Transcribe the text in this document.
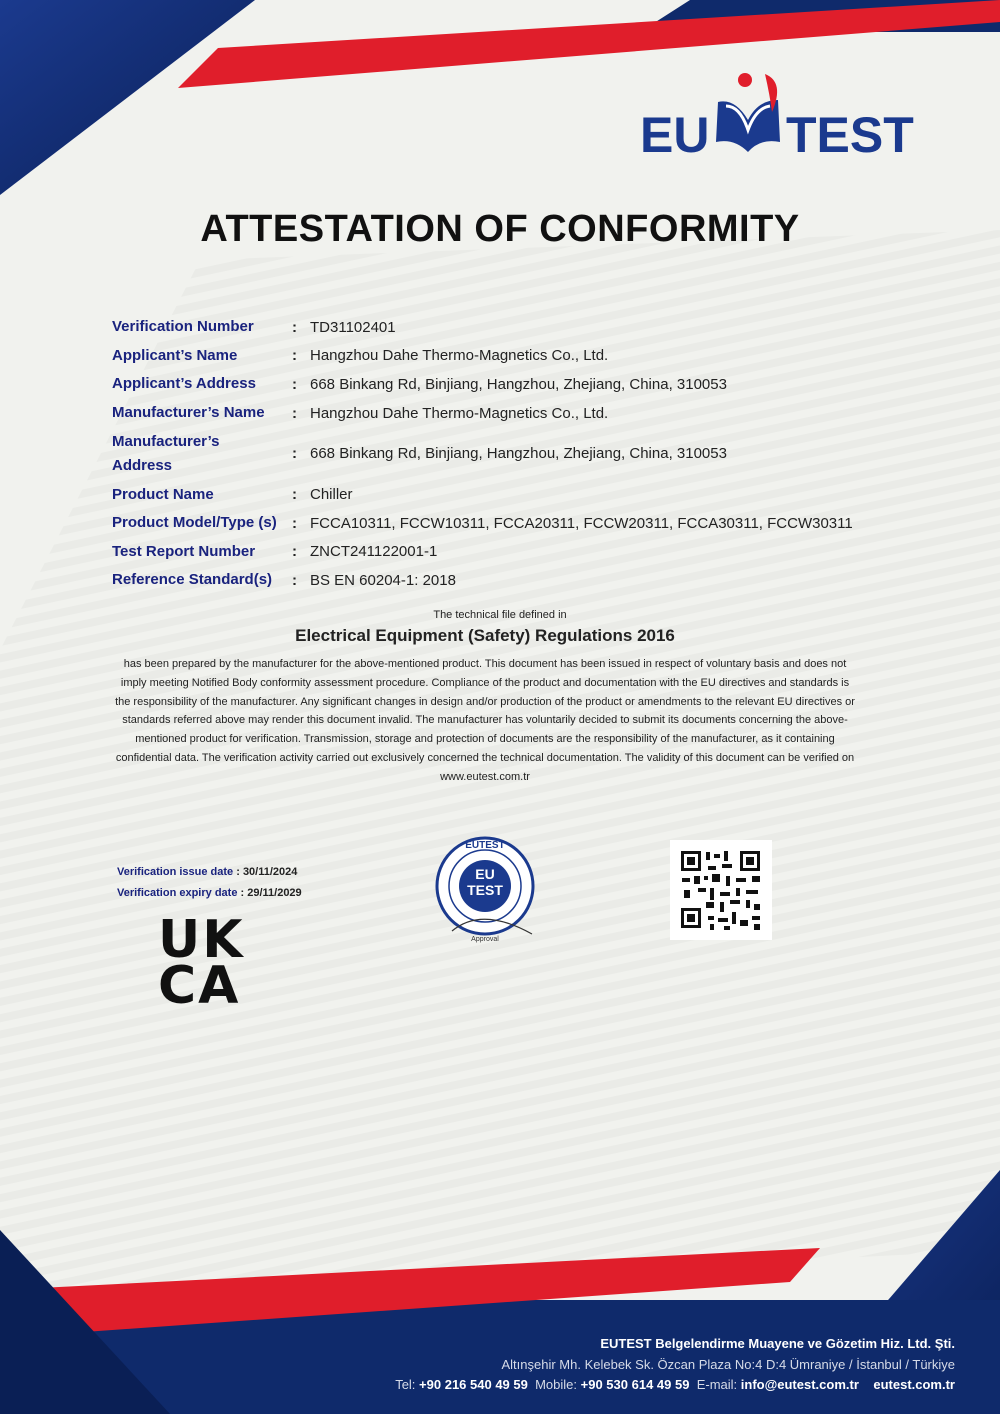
EU TEST
ATTESTATION OF CONFORMITY
Verification Number	: TD31102401
Applicant’s Name	: Hangzhou Dahe Thermo-Magnetics Co., Ltd.
Applicant’s Address	: 668 Binkang Rd, Binjiang, Hangzhou, Zhejiang, China, 310053
Manufacturer’s Name	: Hangzhou Dahe Thermo-Magnetics Co., Ltd.
Manufacturer’s Address
: 668 Binkang Rd, Binjiang, Hangzhou, Zhejiang, China, 310053
Product Name	: Chiller
Product Model/Type (s)	: FCCA10311, FCCW10311, FCCA20311, FCCW20311, FCCA30311, FCCW30311
Test Report Number	: ZNCT241122001-1
Reference Standard(s)	: BS EN 60204-1: 2018
The technical file defined in
Electrical Equipment (Safety) Regulations 2016
has been prepared by the manufacturer for the above-mentioned product. This document has been issued in respect of voluntary basis and does not imply meeting Notified Body conformity assessment procedure. Compliance of the product and documentation with the EU directives and standards is the responsibility of the manufacturer. Any significant changes in design and/or production of the product or amendments to the relevant EU directives or standards referred above may render this document invalid. The manufacturer has voluntarily decided to submit its documents concerning the above-mentioned product for verification. Transmission, storage and protection of documents are the responsibility of the manufacturer, as it containing confidential data. The verification activity carried out exclusively concerned the technical documentation. The validity of this document can be verified on www.eutest.com.tr
Verification issue date : 30/11/2024
Verification expiry date : 29/11/2029
UK
CA
EUTEST
EU
TEST
Approval
EUTEST Belgelendirme Muayene ve Gözetim Hiz. Ltd. Şti.
Altınşehir Mh. Kelebek Sk. Özcan Plaza No:4 D:4 Ümraniye / İstanbul / Türkiye
Tel: +90 216 540 49 59 Mobile: +90 530 614 49 59 E-mail: info@eutest.com.tr eutest.com.tr
